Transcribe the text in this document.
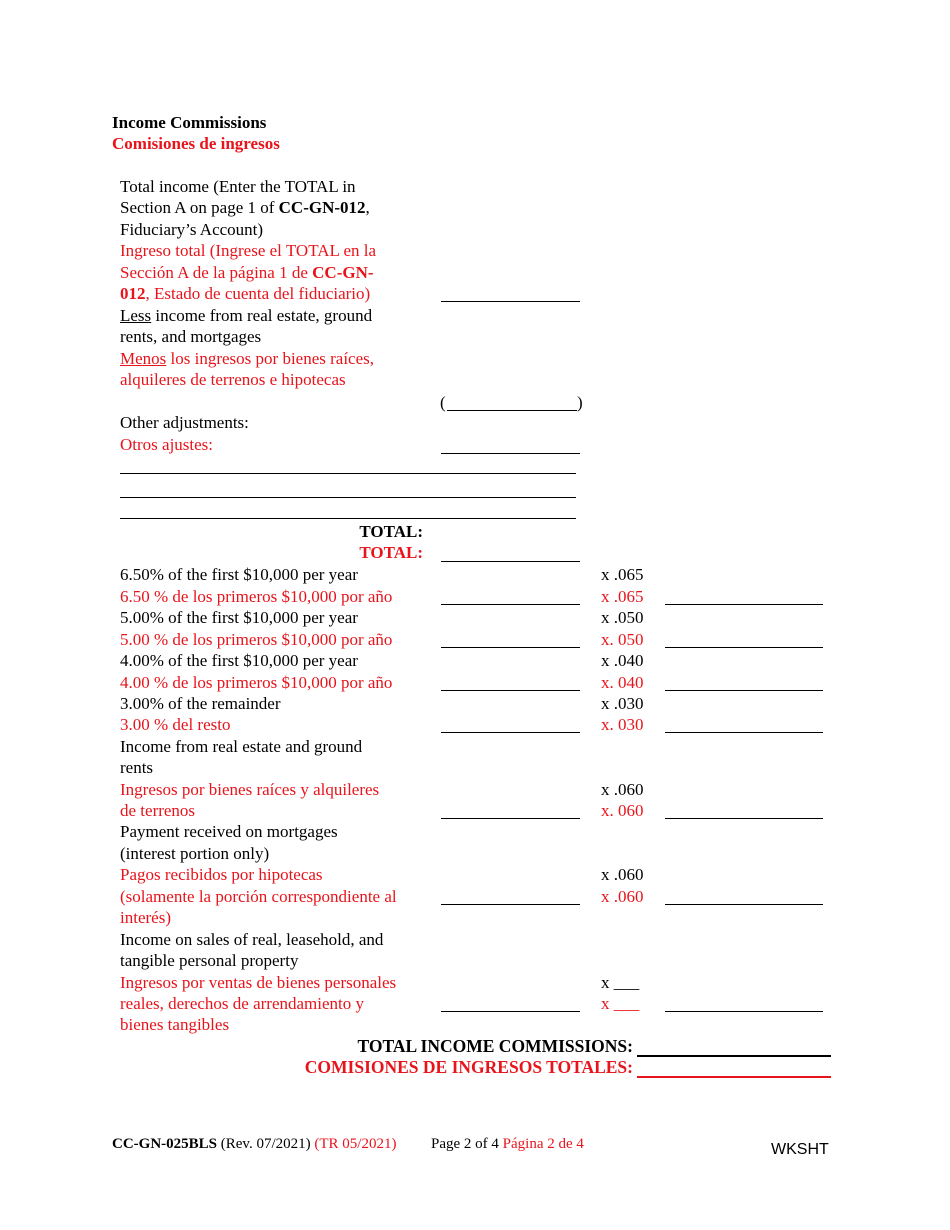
Income Commissions
Comisiones de ingresos
Total income (Enter the TOTAL in
Section A on page 1 of CC-GN-012,
Fiduciary’s Account)
Ingreso total (Ingrese el TOTAL en la
Sección A de la página 1 de CC-GN-
012, Estado de cuenta del fiduciario)
Less income from real estate, ground
rents, and mortgages
Menos los ingresos por bienes raíces,
alquileres de terrenos e hipotecas
(	)
Other adjustments:
Otros ajustes:
TOTAL:
TOTAL:
6.50% of the first $10,000 per year	x .065
6.50 % de los primeros $10,000 por año	x .065
5.00% of the first $10,000 per year	x .050
5.00 % de los primeros $10,000 por año	x. 050
4.00% of the first $10,000 per year	x .040
4.00 % de los primeros $10,000 por año	x. 040
3.00% of the remainder	x .030
3.00 % del resto	x. 030
Income from real estate and ground
rents
Ingresos por bienes raíces y alquileres	x .060
de terrenos	x. 060
Payment received on mortgages
(interest portion only)
Pagos recibidos por hipotecas	x .060
(solamente la porción correspondiente al	x .060
interés)
Income on sales of real, leasehold, and
tangible personal property
Ingresos por ventas de bienes personales	x ___
reales, derechos de arrendamiento y	x ___
bienes tangibles
TOTAL INCOME COMMISSIONS:
COMISIONES DE INGRESOS TOTALES:
CC-GN-025BLS (Rev. 07/2021) (TR 05/2021) Page 2 of 4 Página 2 de 4	WKSHT
